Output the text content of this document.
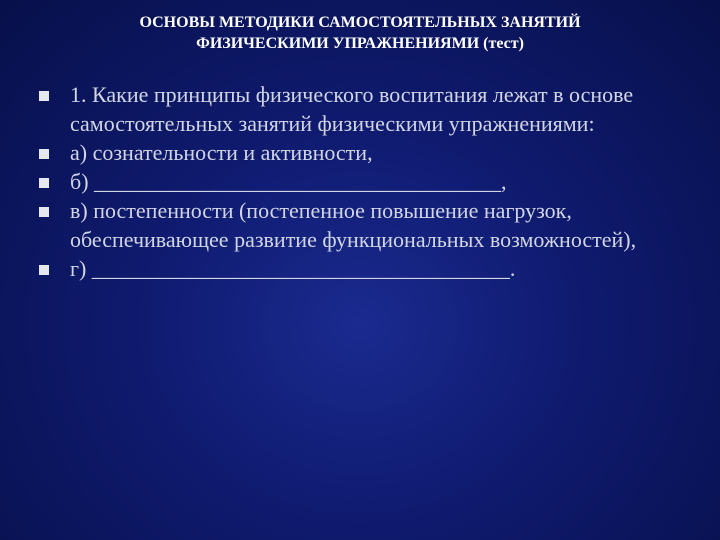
ОСНОВЫ МЕТОДИКИ САМОСТОЯТЕЛЬНЫХ ЗАНЯТИЙ
ФИЗИЧЕСКИМИ УПРАЖНЕНИЯМИ (тест)
1. Какие принципы физического воспитания лежат в основе самостоятельных занятий физическими упражнениями:
а) сознательности и активности,
б) _____________________________________,
в) постепенности (постепенное повышение нагрузок, обеспечивающее развитие функциональных возможностей),
г) ______________________________________.
